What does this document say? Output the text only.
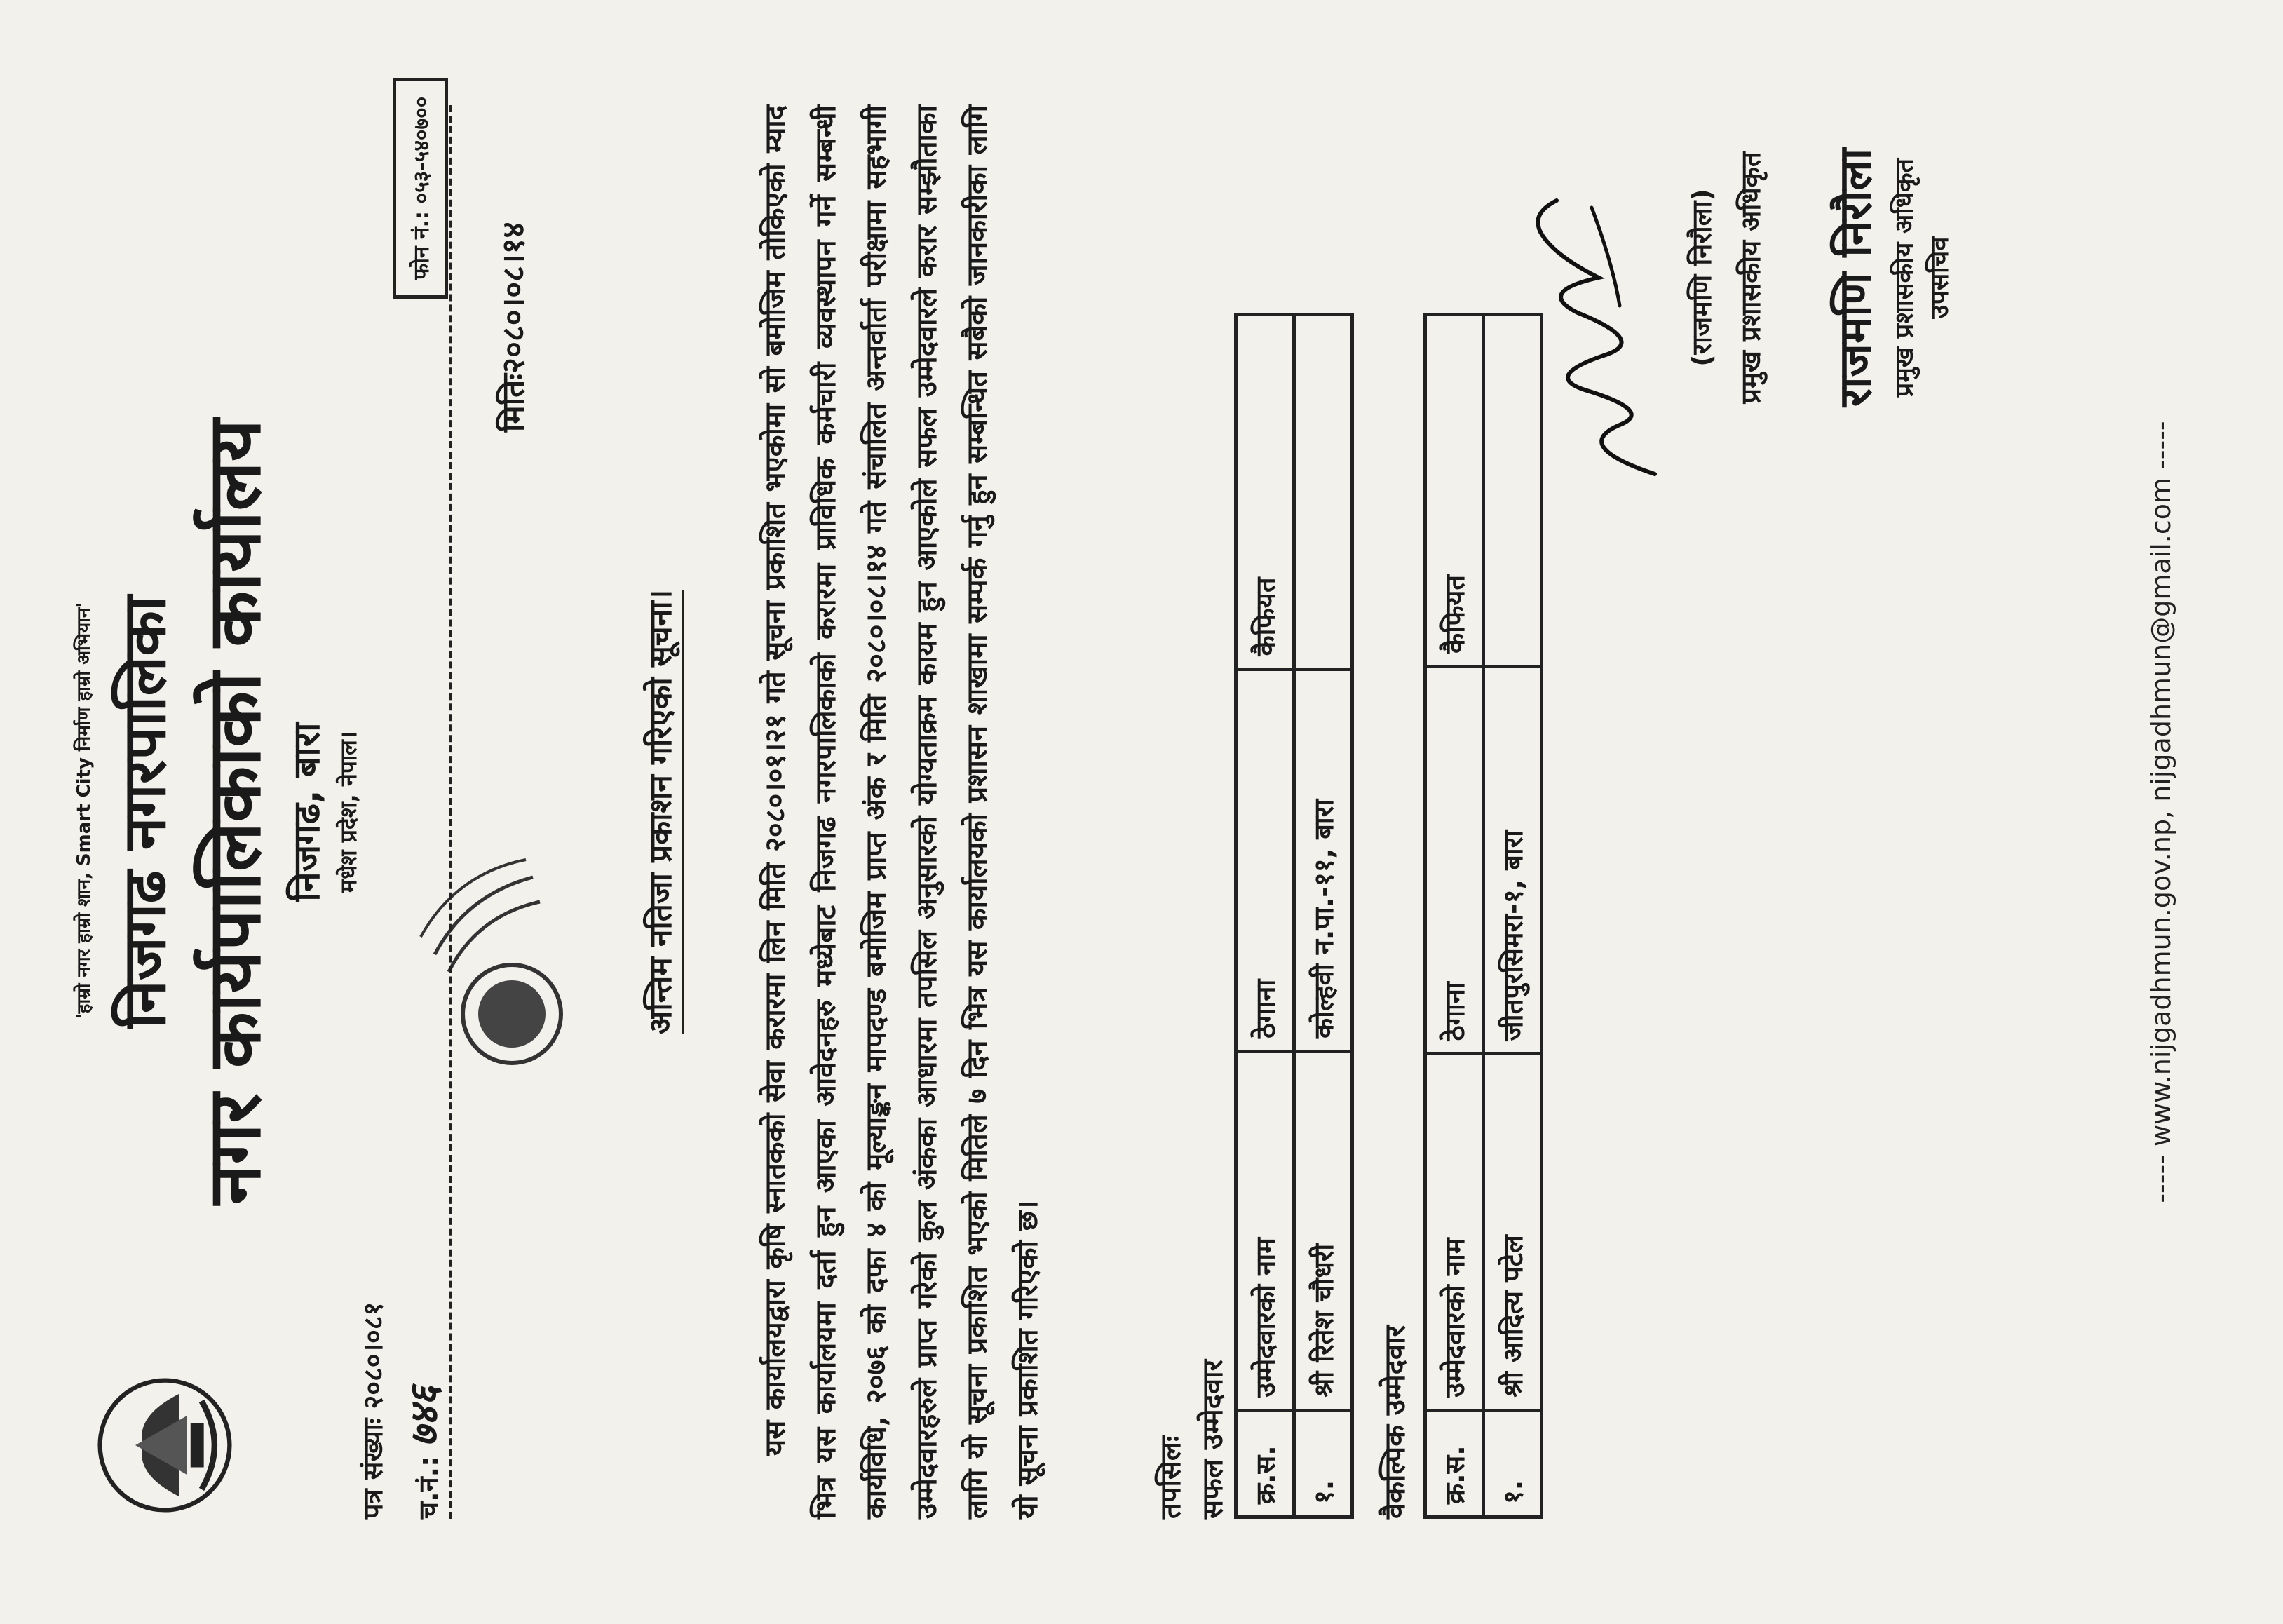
'हाम्रो नगर हाम्रो शान, Smart City निर्माण हाम्रो अभियान' निजगढ नगरपालिका नगर कार्यपालिकाको कार्यालय निजगढ, बारा मधेश प्रदेश, नेपाल।
फोन नं.: ०५३-५४०७००
पत्र संख्याः २०८०।०८१
च.नं.: ७४६
मितिः२०८०।०८।१४
अन्तिम नतिजा प्रकाशन गरिएको सूचना।	यस कार्यालयद्वारा कृषि स्नातकको सेवा करारमा लिन मिति २०८०।०१।२१ गते सूचना प्रकाशित भएकोमा सो बमोजिम तोकिएको म्याद भित्र यस कार्यालयमा दर्ता हुन आएका आवेदनहरु मध्येबाट निजगढ नगरपालिकाको करारमा प्राविधिक कर्मचारी व्यवस्थापन गर्ने सम्बन्धी कार्यविधि, २०७६ को दफा ४ को मूल्याङ्कन मापदण्ड बमोजिम प्राप्त अंक र मिति २०८०।०८।१४ गते संचालित अन्तर्वार्ता परीक्षामा सहभागी उम्मेदवारहरुले प्राप्त गरेको कुल अंकका आधारमा तपसिल अनुसारको योग्यताक्रम कायम हुन आएकोले सफल उम्मेदवारले करार सम्झौताका लागि यो सूचना प्रकाशित भएको मितिले ७ दिन भित्र यस कार्यालयको प्रशासन शाखामा सम्पर्क गर्नु हुन सम्बन्धित सबैको जानकारीका लागि यो सूचना प्रकाशित गरिएको छ।	तपसिलः सफल उम्मेदवार क्र.स.	उम्मेदवारको नाम	ठेगाना	कैफियत
१.	श्री रितेश चौधरी	कोल्हवी न.पा.-११, बारा	
वैकल्पिक उम्मेदवार क्र.स.	उम्मेदवारको नाम	ठेगाना	कैफियत
१.	श्री आदित्य पटेल	जीतपुरसिमरा-१, बारा	
(राजमणि निरौला) प्रमुख प्रशासकीय अधिकृत राजमणि निरौला प्रमुख प्रशासकीय अधिकृत उपसचिव
----- www.nijgadhmun.gov.np, nijgadhmun@gmail.com -----
